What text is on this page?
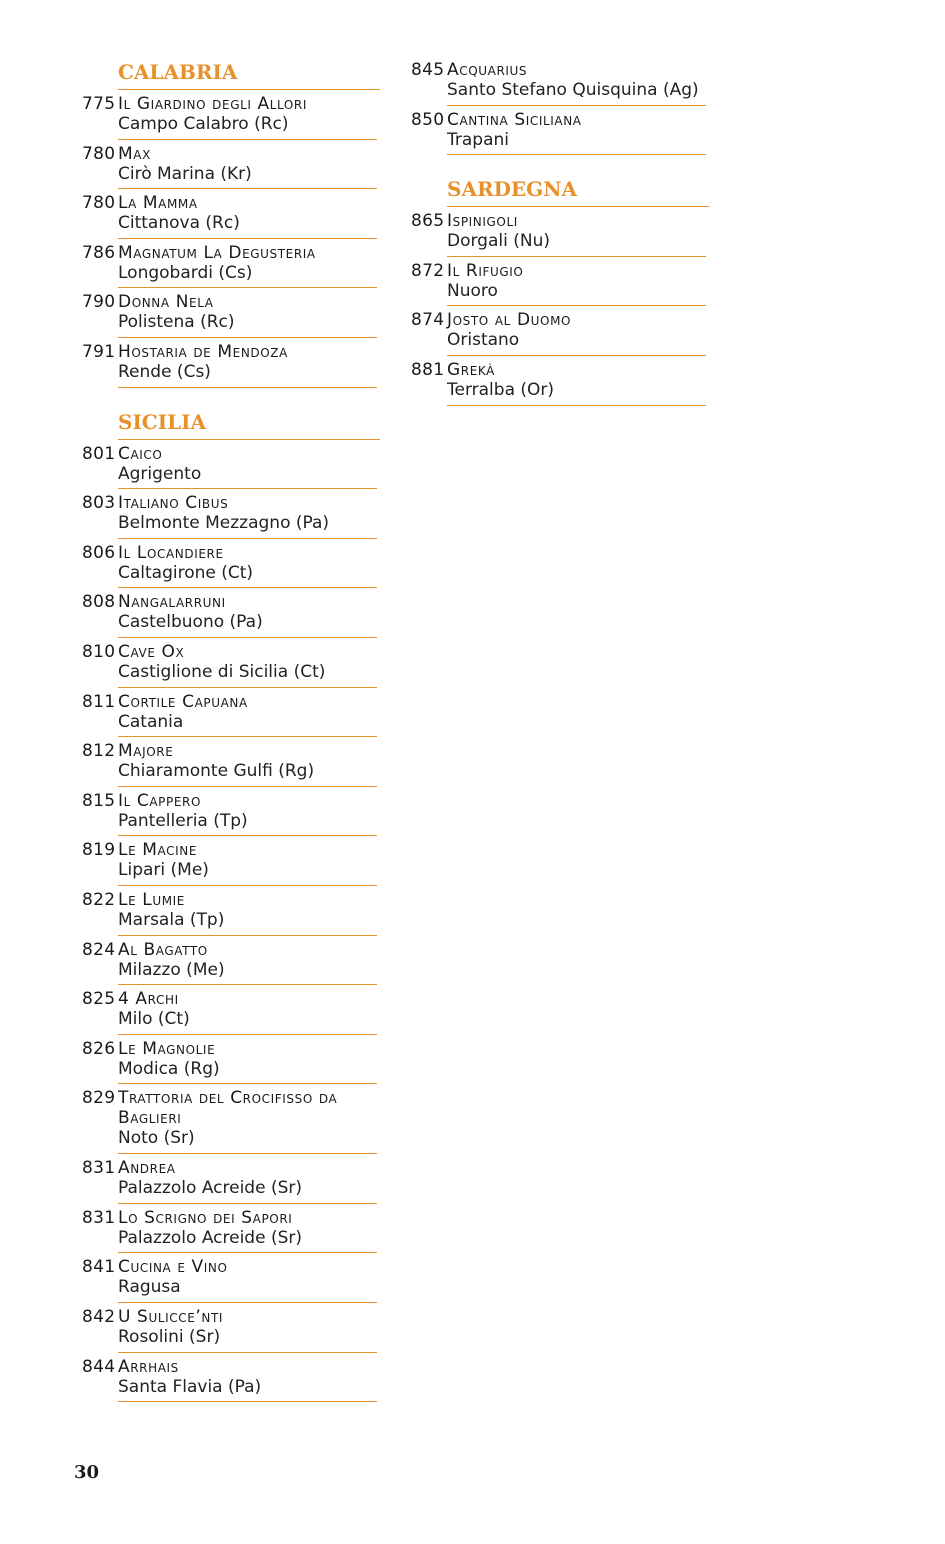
CALABRIA
775 Il Giardino degli Allori
Campo Calabro (Rc)
780 Max
Cirò Marina (Kr)
780 La Mamma
Cittanova (Rc)
786 Magnatum La Degusteria
Longobardi (Cs)
790 Donna Nela
Polistena (Rc)
791 Hostaria de Mendoza
Rende (Cs)
SICILIA
801 Caico
Agrigento
803 Italiano Cibus
Belmonte Mezzagno (Pa)
806 Il Locandiere
Caltagirone (Ct)
808 Nangalarruni
Castelbuono (Pa)
810 Cave Ox
Castiglione di Sicilia (Ct)
811 Cortile Capuana
Catania
812 Majore
Chiaramonte Gulfi (Rg)
815 Il Cappero
Pantelleria (Tp)
819 Le Macine
Lipari (Me)
822 Le Lumie
Marsala (Tp)
824 Al Bagatto
Milazzo (Me)
825 4 Archi
Milo (Ct)
826 Le Magnolie
Modica (Rg)
829 Trattoria del Crocifisso da Baglieri
Noto (Sr)
831 Andrea
Palazzolo Acreide (Sr)
831 Lo Scrigno dei Sapori
Palazzolo Acreide (Sr)
841 Cucina e Vino
Ragusa
842 U Sulicce’nti
Rosolini (Sr)
844 Arrhais
Santa Flavia (Pa)
845 Acquarius
Santo Stefano Quisquina (Ag)
850 Cantina Siciliana
Trapani
SARDEGNA
865 Ispinigoli
Dorgali (Nu)
872 Il Rifugio
Nuoro
874 Josto al Duomo
Oristano
881 Grekà
Terralba (Or)
30
